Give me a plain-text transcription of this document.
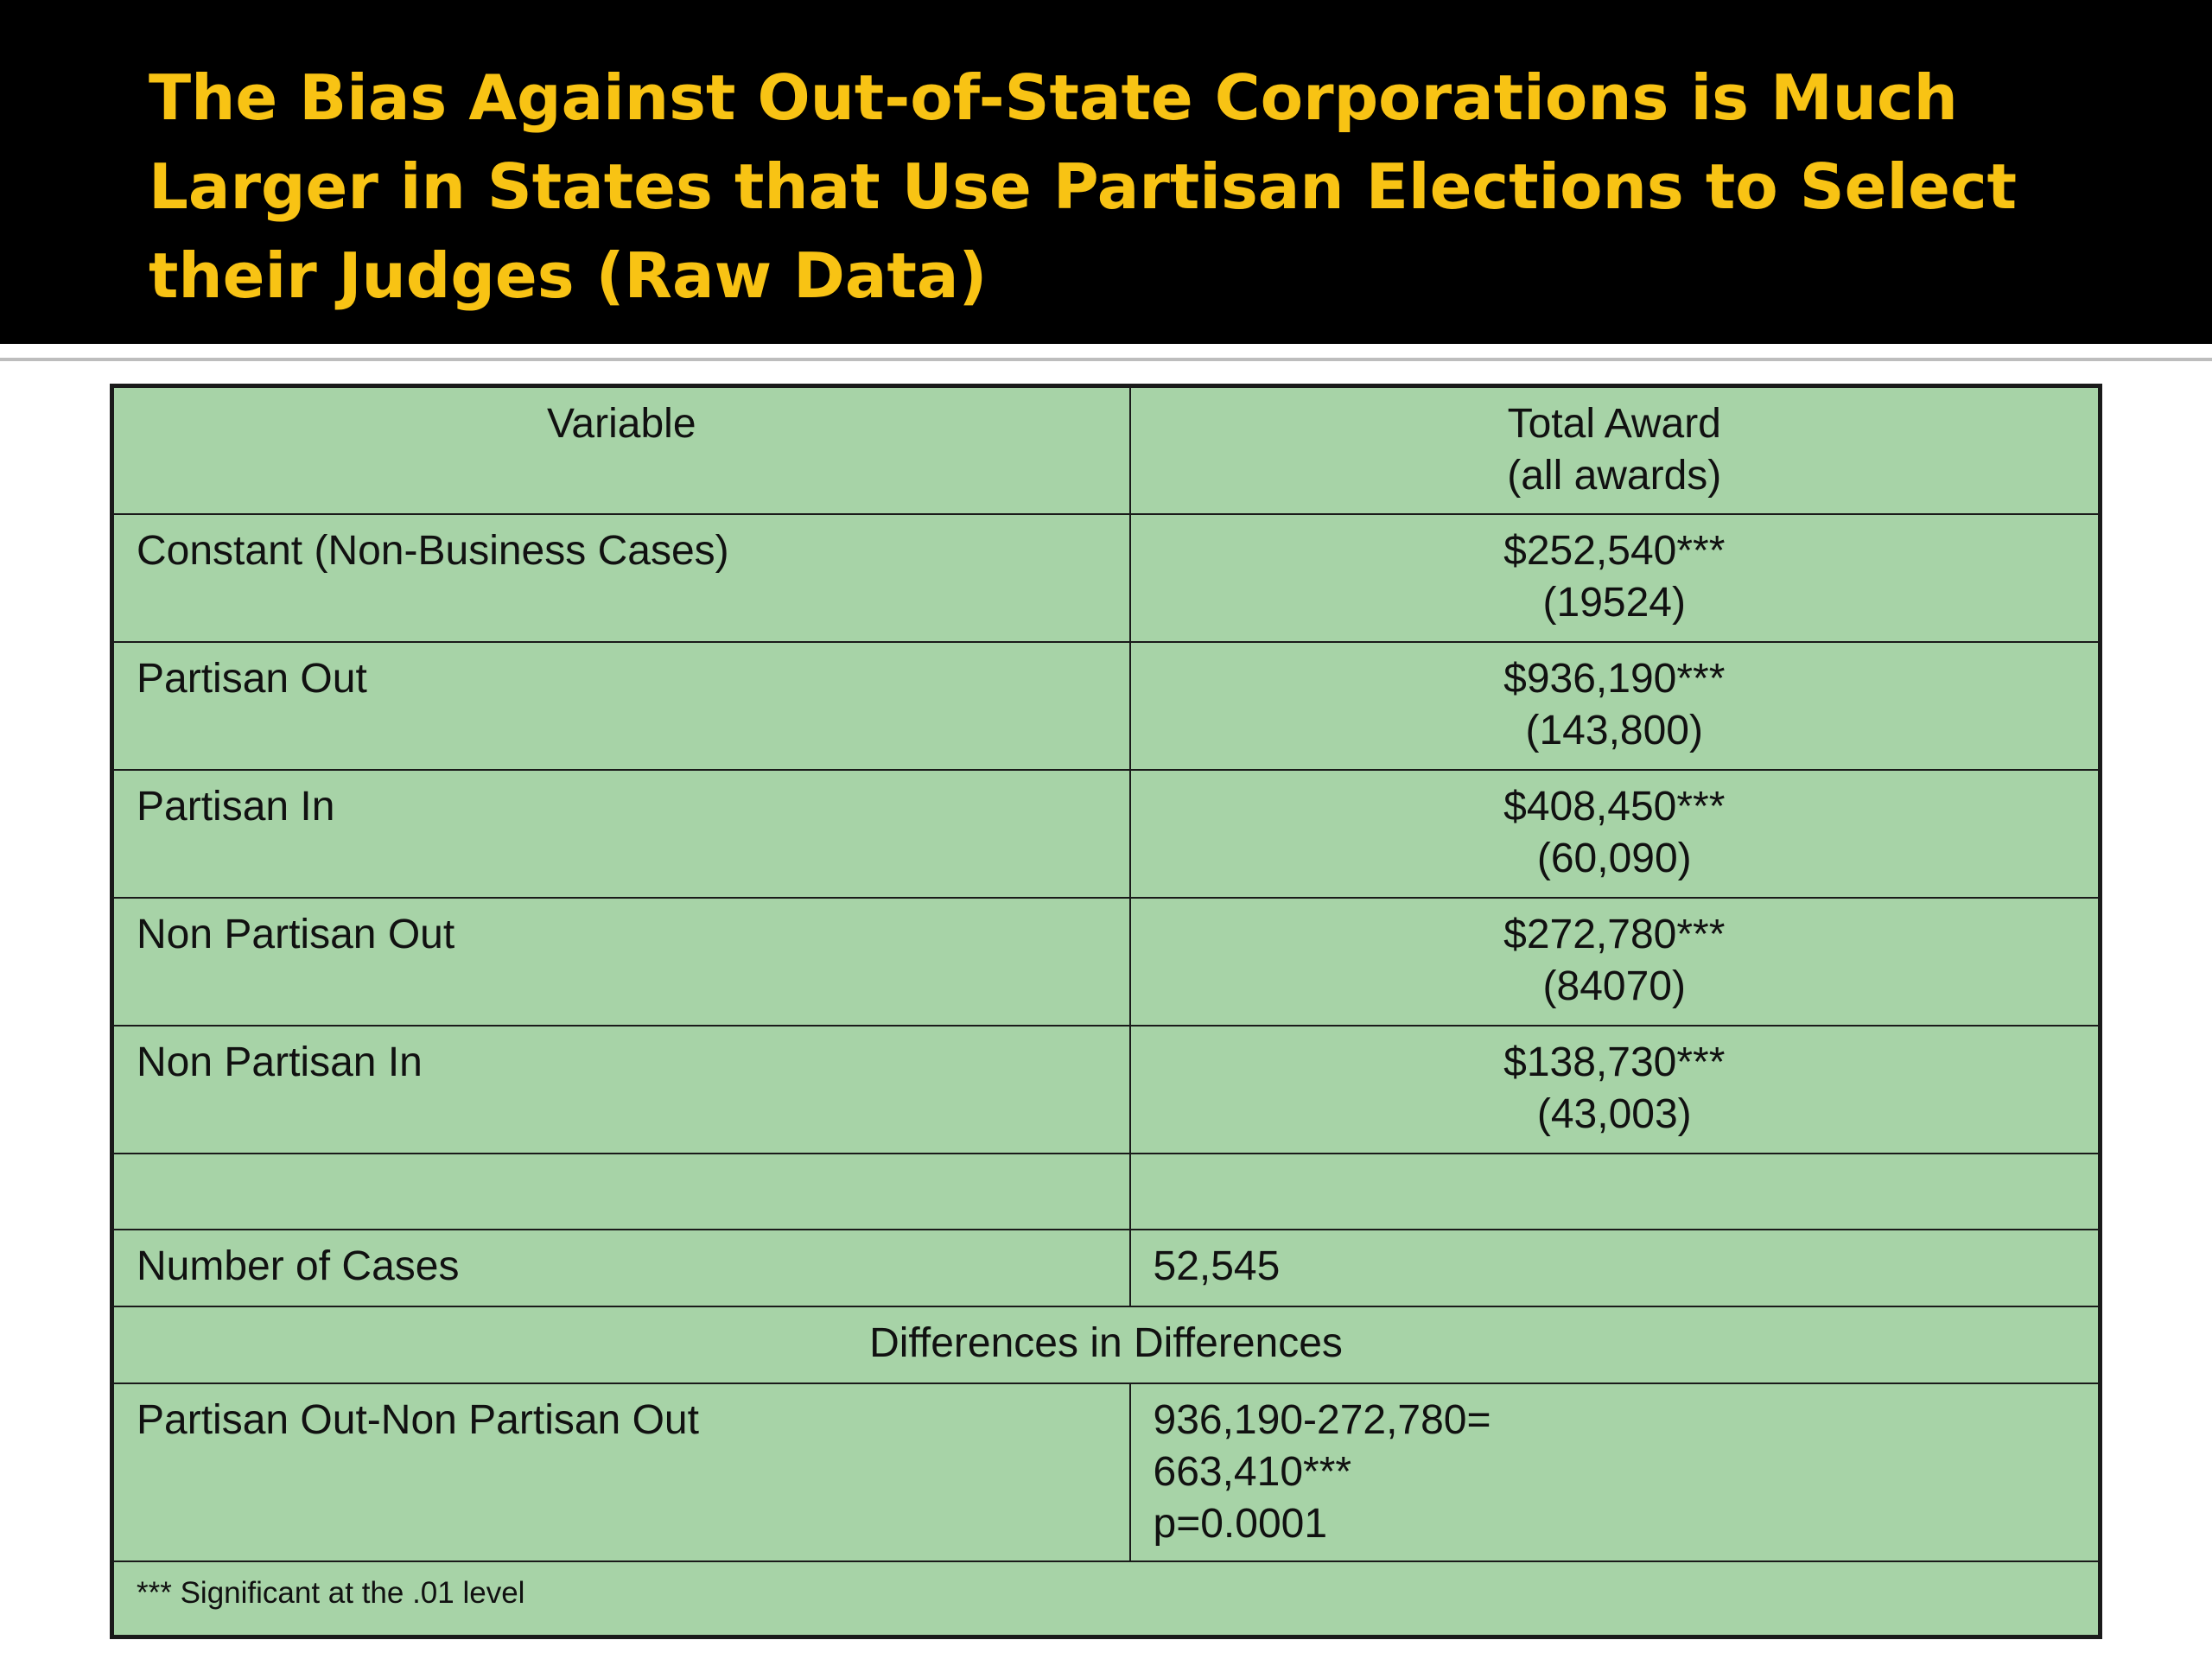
The Bias Against Out-of-State Corporations is Much Larger in States that Use Partisan Elections to Select their Judges (Raw Data)
Variable	Total Award
(all awards)

Constant (Non-Business Cases)	$252,540***
(19524)

Partisan Out	$936,190***
(143,800)

Partisan In	$408,450***
(60,090)

Non Partisan Out	$272,780***
(84070)

Non Partisan In	$138,730***
(43,003)

Number of Cases	52,545
Differences in Differences	
Partisan Out-Non Partisan Out	936,190-272,780=
663,410***
p=0.0001

*** Significant at the .01 level	
